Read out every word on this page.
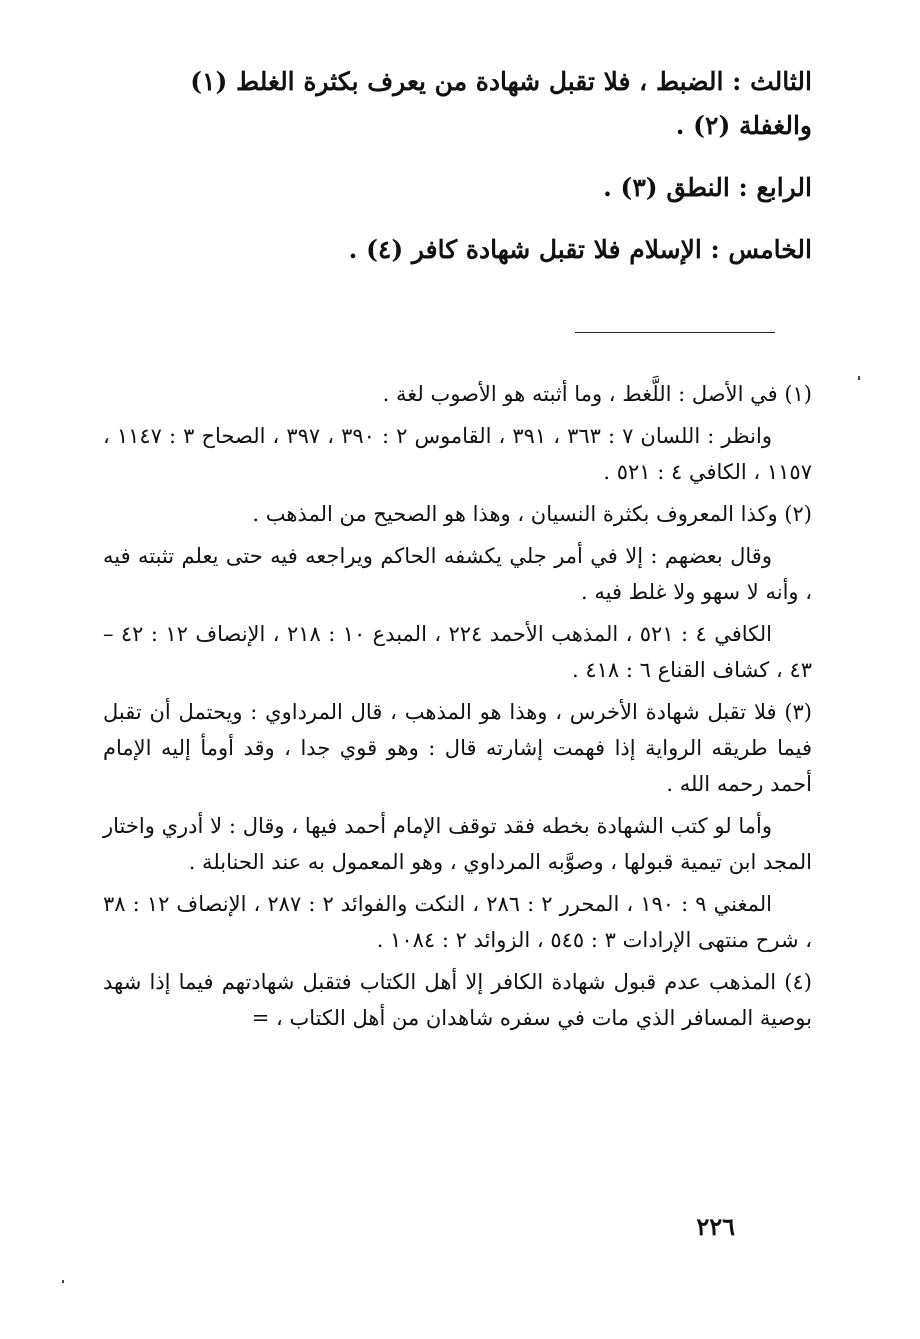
الثالث : الضبط ، فلا تقبل شهادة من يعرف بكثرة الغلط (١)

والغفلة (٢) .

الرابع : النطق (٣) .

الخامس : الإسلام فلا تقبل شهادة كافر (٤) .

(١) في الأصل : اللَّغط ، وما أثبته هو الأصوب لغة .

وانظر : اللسان ٧ : ٣٦٣ ، ٣٩١ ، القاموس ٢ : ٣٩٠ ، ٣٩٧ ، الصحاح ٣ : ١١٤٧ ، ١١٥٧ ، الكافي ٤ : ٥٢١ .

(٢) وكذا المعروف بكثرة النسيان ، وهذا هو الصحيح من المذهب .

وقال بعضهم : إلا في أمر جلي يكشفه الحاكم ويراجعه فيه حتى يعلم تثبته فيه ، وأنه لا سهو ولا غلط فيه .

الكافي ٤ : ٥٢١ ، المذهب الأحمد ٢٢٤ ، المبدع ١٠ : ٢١٨ ، الإنصاف ١٢ : ٤٢ – ٤٣ ، كشاف القناع ٦ : ٤١٨ .

(٣) فلا تقبل شهادة الأخرس ، وهذا هو المذهب ، قال المرداوي : ويحتمل أن تقبل فيما طريقه الرواية إذا فهمت إشارته قال : وهو قوي جدا ، وقد أومأ إليه الإمام أحمد رحمه الله .

وأما لو كتب الشهادة بخطه فقد توقف الإمام أحمد فيها ، وقال : لا أدري واختار المجد ابن تيمية قبولها ، وصوَّبه المرداوي ، وهو المعمول به عند الحنابلة .

المغني ٩ : ١٩٠ ، المحرر ٢ : ٢٨٦ ، النكت والفوائد ٢ : ٢٨٧ ، الإنصاف ١٢ : ٣٨ ، شرح منتهى الإرادات ٣ : ٥٤٥ ، الزوائد ٢ : ١٠٨٤ .

(٤) المذهب عدم قبول شهادة الكافر إلا أهل الكتاب فتقبل شهادتهم فيما إذا شهد بوصية المسافر الذي مات في سفره شاهدان من أهل الكتاب ، =

٢٢٦
